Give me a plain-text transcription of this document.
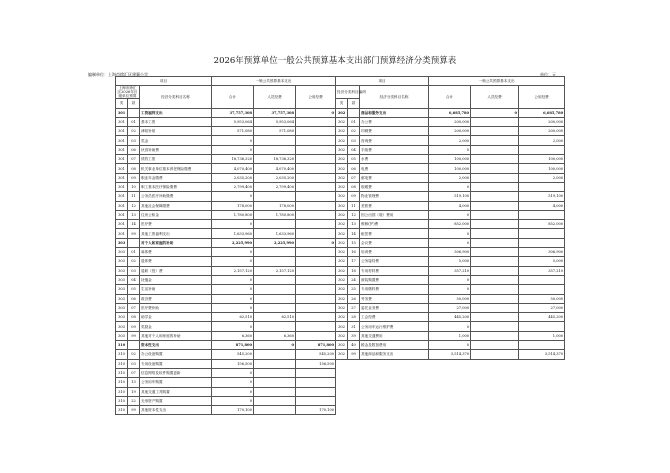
2026年预算单位一般公共预算基本支出部门预算经济分类预算表
编制单位：上海市徐汇区建襄小学	单位：元
项目			一般公共预算基本支出			项目			一般公共预算基本支出		
上海市徐汇区2026年区级单位预算		经济分类科目名称	合计	人员经费	公用经费	经济分类科目编码		经济分类科目名称	合计	人员经费	公用经费
类	款					类	款				
301		工资福利支出	37,757,308	37,757,308	0	302		商品和服务支出	6,685,780	0	6,685,780
301	01	基本工资	5,953,064	5,953,064		302	01	办公费	200,000		200,000
301	02	津贴补贴	571,080	571,080		302	02	印刷费	200,000		200,000
301	03	奖金	0			302	03	咨询费	2,000		2,000
301	06	伙食补助费	0			302	04	手续费	0		
301	07	绩效工资	18,736,320	18,736,320		302	05	水费	100,000		100,000
301	08	机关事业单位基本养老保险缴费	4,070,400	4,070,400		302	06	电费	100,000		100,000
301	09	职业年金缴费	2,035,200	2,035,200		302	07	邮电费	2,000		2,000
301	10	职工基本医疗保险缴费	2,799,400	2,799,400		302	08	取暖费	0		
301	11	公务员医疗补助缴费	0			302	09	物业管理费	519,100		519,100
301	12	其他社会保障缴费	178,000	178,000		302	11	差旅费	4,000		4,000
301	13	住房公积金	1,780,800	1,780,800		302	12	因公出国（境）费用	0		
301	14	医疗费	0			302	13	维修(护)费	852,000		852,000
301	99	其他工资福利支出	1,633,960	1,633,960		302	14	租赁费	0		
303		对个人和家庭的补助	2,225,990	2,225,990	0	302	15	会议费	0		
303	01	离休费	0			302	16	培训费	306,900		306,900
303	02	退休费	0			302	17	公务接待费	5,000		5,000
303	03	退职（役）费	2,157,120	2,157,120		302	18	专用材料费	357,210		357,210
303	04	抚恤金	0			302	24	被装购置费	0		
303	05	生活补助	0			302	25	专用燃料费	0		
303	06	救济费	0			302	26	劳务费	50,000		50,000
303	07	医疗费补助	0			302	27	委托业务费	27,000		27,000
303	08	助学金	62,510	62,510		302	28	工会经费	445,200		445,200
303	09	奖励金	0			302	31	公务用车运行维护费	0		
303	99	其他对个人和家庭的补助	6,360	6,360		302	39	其他交通费用	1,000		1,000
310		资本性支出	871,800	0	871,800	302	40	税金及附加费用	0		
310	02	办公设备购置	545,200		545,200	302	99	其他商品和服务支出	3,514,370		3,514,370
310	03	专用设备购置	156,500		156,500						
310	07	信息网络及软件购置更新	0								
310	13	公务用车购置	0								
310	19	其他交通工具购置	0								
310	22	无形资产购置	0								
310	99	其他资本性支出	170,100		170,100						
